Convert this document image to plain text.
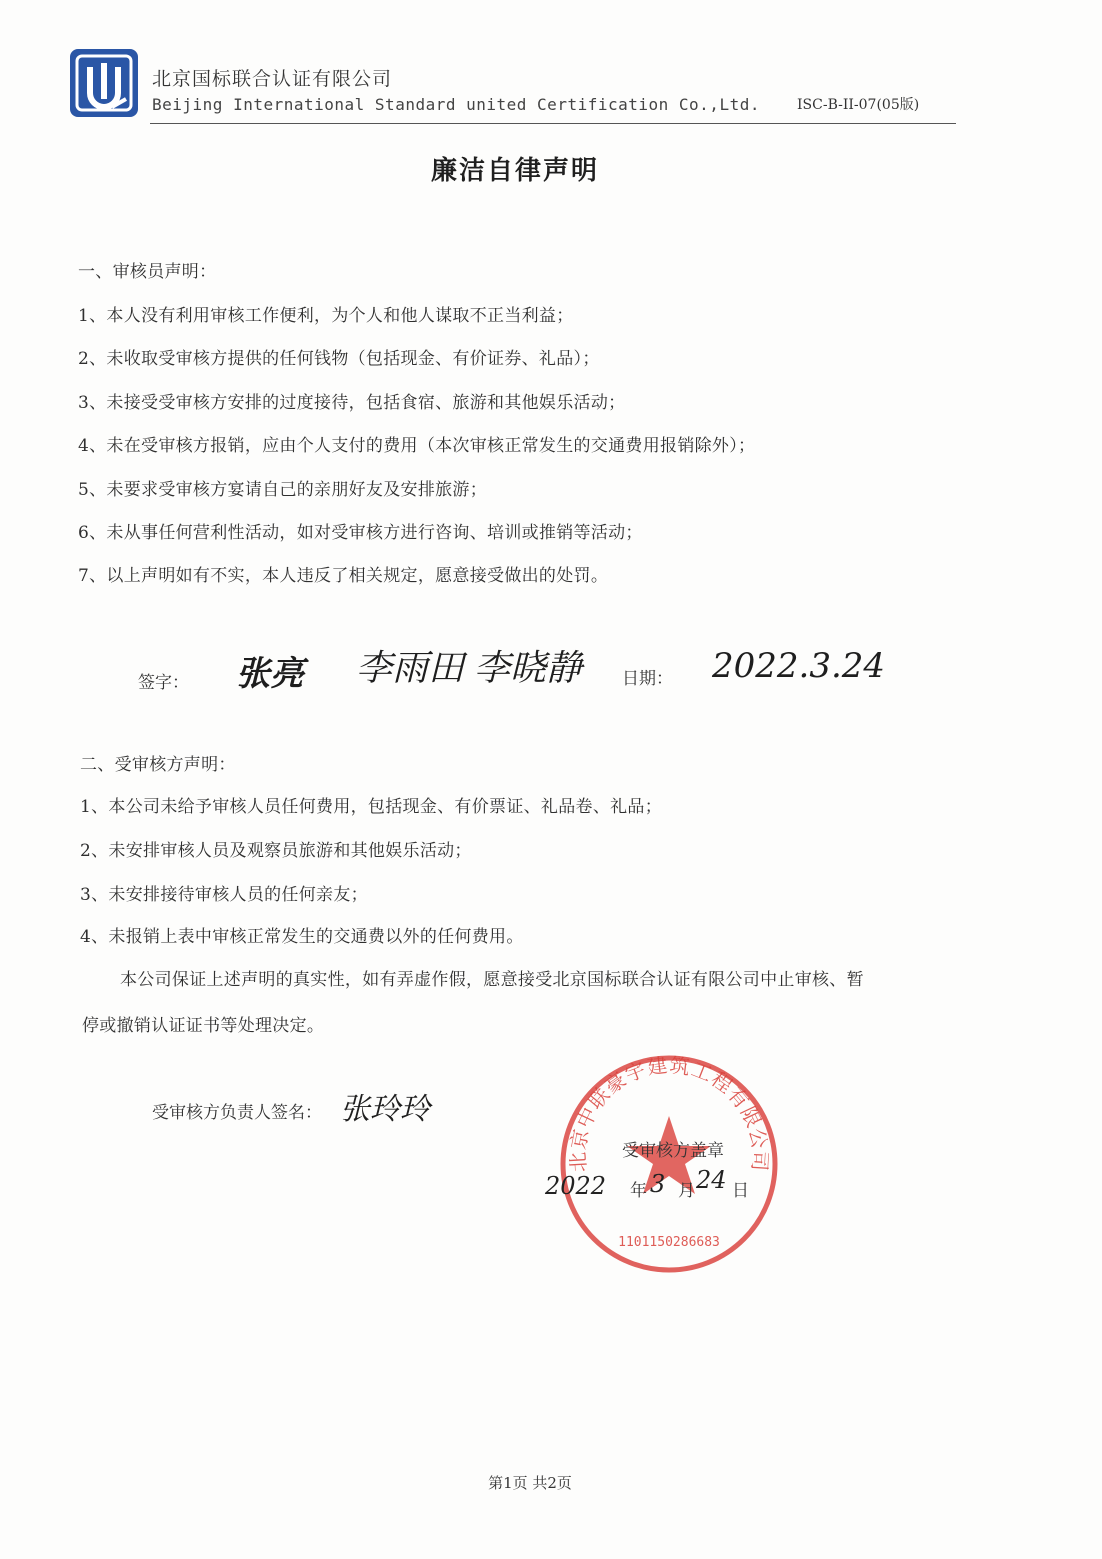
北京国标联合认证有限公司
Beijing International Standard united Certification Co.,Ltd.	ISC-B-II-07(05版)
廉洁自律声明
一、审核员声明：
1、本人没有利用审核工作便利，为个人和他人谋取不正当利益；
2、未收取受审核方提供的任何钱物（包括现金、有价证券、礼品）；
3、未接受受审核方安排的过度接待，包括食宿、旅游和其他娱乐活动；
4、未在受审核方报销，应由个人支付的费用（本次审核正常发生的交通费用报销除外）；
5、未要求受审核方宴请自己的亲朋好友及安排旅游；
6、未从事任何营利性活动，如对受审核方进行咨询、培训或推销等活动；
7、以上声明如有不实，本人违反了相关规定，愿意接受做出的处罚。
签字： 张亮 李雨田 李晓静 日期： 2022.3.24
二、受审核方声明：
1、本公司未给予审核人员任何费用，包括现金、有价票证、礼品卷、礼品；
2、未安排审核人员及观察员旅游和其他娱乐活动；
3、未安排接待审核人员的任何亲友；
4、未报销上表中审核正常发生的交通费以外的任何费用。
本公司保证上述声明的真实性，如有弄虚作假，愿意接受北京国标联合认证有限公司中止审核、暂
停或撤销认证证书等处理决定。
受审核方负责人签名： 张玲玲
北京中联豪宇建筑工程有限公司
1101150286683
受审核方盖章
2022 年 3 月 24 日
第1页 共2页
